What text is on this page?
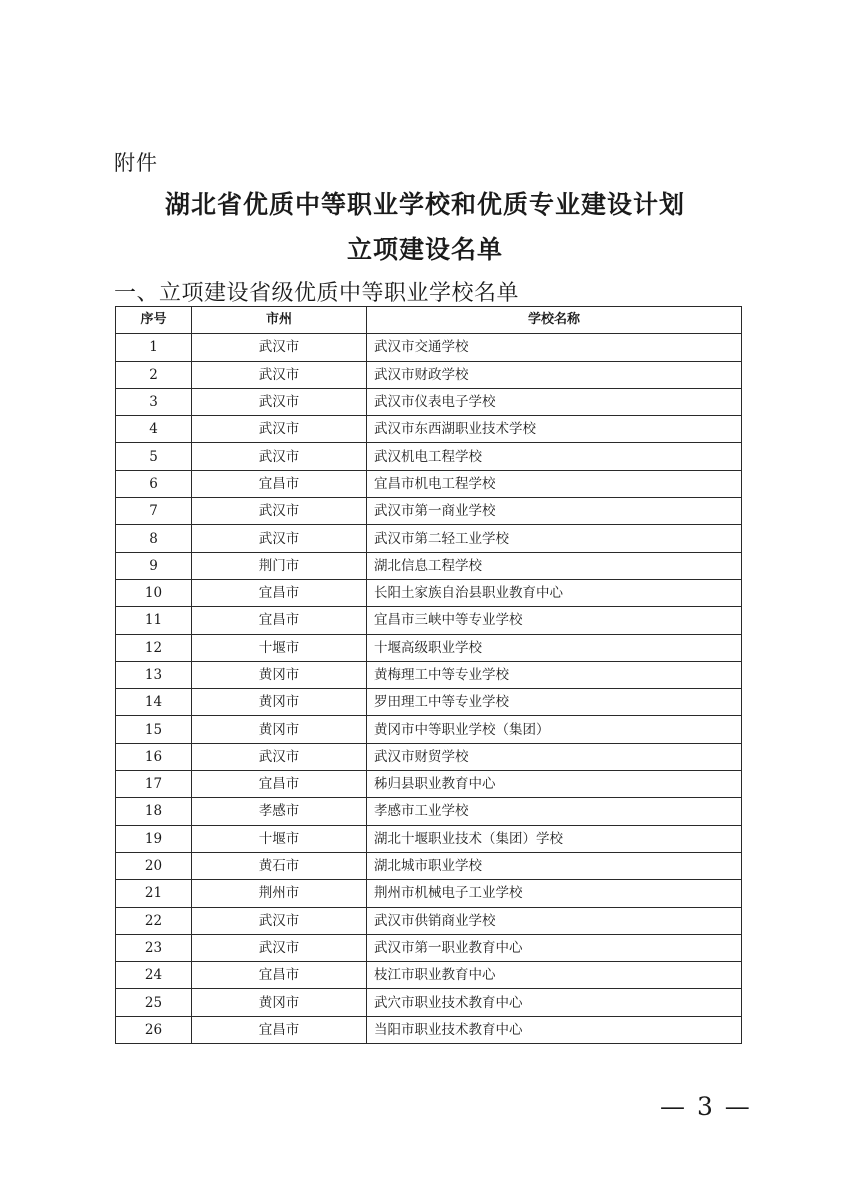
附件
湖北省优质中等职业学校和优质专业建设计划
立项建设名单
一、立项建设省级优质中等职业学校名单
序号	市州	学校名称
1	武汉市	武汉市交通学校
2	武汉市	武汉市财政学校
3	武汉市	武汉市仪表电子学校
4	武汉市	武汉市东西湖职业技术学校
5	武汉市	武汉机电工程学校
6	宜昌市	宜昌市机电工程学校
7	武汉市	武汉市第一商业学校
8	武汉市	武汉市第二轻工业学校
9	荆门市	湖北信息工程学校
10	宜昌市	长阳土家族自治县职业教育中心
11	宜昌市	宜昌市三峡中等专业学校
12	十堰市	十堰高级职业学校
13	黄冈市	黄梅理工中等专业学校
14	黄冈市	罗田理工中等专业学校
15	黄冈市	黄冈市中等职业学校（集团）
16	武汉市	武汉市财贸学校
17	宜昌市	秭归县职业教育中心
18	孝感市	孝感市工业学校
19	十堰市	湖北十堰职业技术（集团）学校
20	黄石市	湖北城市职业学校
21	荆州市	荆州市机械电子工业学校
22	武汉市	武汉市供销商业学校
23	武汉市	武汉市第一职业教育中心
24	宜昌市	枝江市职业教育中心
25	黄冈市	武穴市职业技术教育中心
26	宜昌市	当阳市职业技术教育中心
— 3 —
